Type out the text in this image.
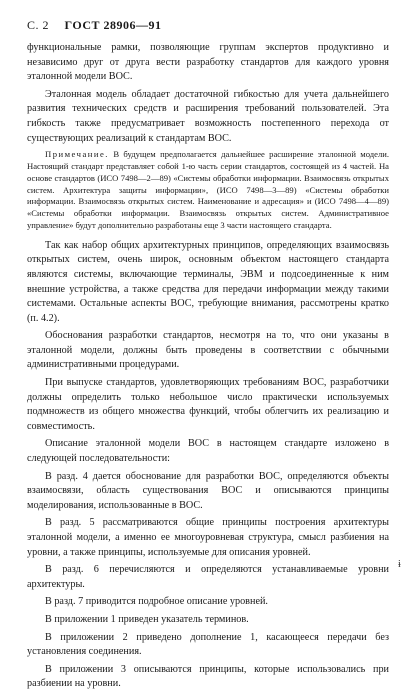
С. 2 ГОСТ 28906—91

функциональные рамки, позволяющие группам экспертов продуктивно и независимо друг от друга вести разработку стандартов для каждого уровня эталонной модели ВОС.

Эталонная модель обладает достаточной гибкостью для учета дальнейшего развития технических средств и расширения требований пользователей. Эта гибкость также предусматривает возможность постепенного перехода от существующих реализаций к стандартам ВОС.

Примечание. В будущем предполагается дальнейшее расширение эталонной модели. Настоящий стандарт представляет собой 1-ю часть серии стандартов, состоящей из 4 частей. На основе стандартов (ИСО 7498—2—89) «Системы обработки информации. Взаимосвязь открытых систем. Архитектура защиты информации», (ИСО 7498—3—89) «Системы обработки информации. Взаимосвязь открытых систем. Наименование и адресация» и (ИСО 7498—4—89) «Системы обработки информации. Взаимосвязь открытых систем. Административное управление» будут дополнительно разработаны еще 3 части настоящего стандарта.

Так как набор общих архитектурных принципов, определяющих взаимосвязь открытых систем, очень широк, основным объектом настоящего стандарта являются системы, включающие терминалы, ЭВМ и подсоединенные к ним внешние устройства, а также средства для передачи информации между такими системами. Остальные аспекты ВОС, требующие внимания, рассмотрены кратко (п. 4.2).

Обоснования разработки стандартов, несмотря на то, что они указаны в эталонной модели, должны быть проведены в соответствии с обычными административными процедурами.

При выпуске стандартов, удовлетворяющих требованиям ВОС, разработчики должны определить только небольшое число практически используемых подмножеств из общего множества функций, чтобы облегчить их реализацию и совместимость.

Описание эталонной модели ВОС в настоящем стандарте изложено в следующей последовательности:

В разд. 4 дается обоснование для разработки ВОС, определяются объекты взаимосвязи, область существования ВОС и описываются принципы моделирования, использованные в ВОС.

В разд. 5 рассматриваются общие принципы построения архитектуры эталонной модели, а именно ее многоуровневая структура, смысл разбиения на уровни, а также принципы, используемые для описания уровней.

В разд. 6 перечисляются и определяются устанавливаемые уровни архитектуры.

В разд. 7 приводится подробное описание уровней.

В приложении 1 приведен указатель терминов.

В приложении 2 приведено дополнение 1, касающееся передачи без установления соединения.

В приложении 3 описываются принципы, которые использовались при разбиении на уровни.

ɨ
